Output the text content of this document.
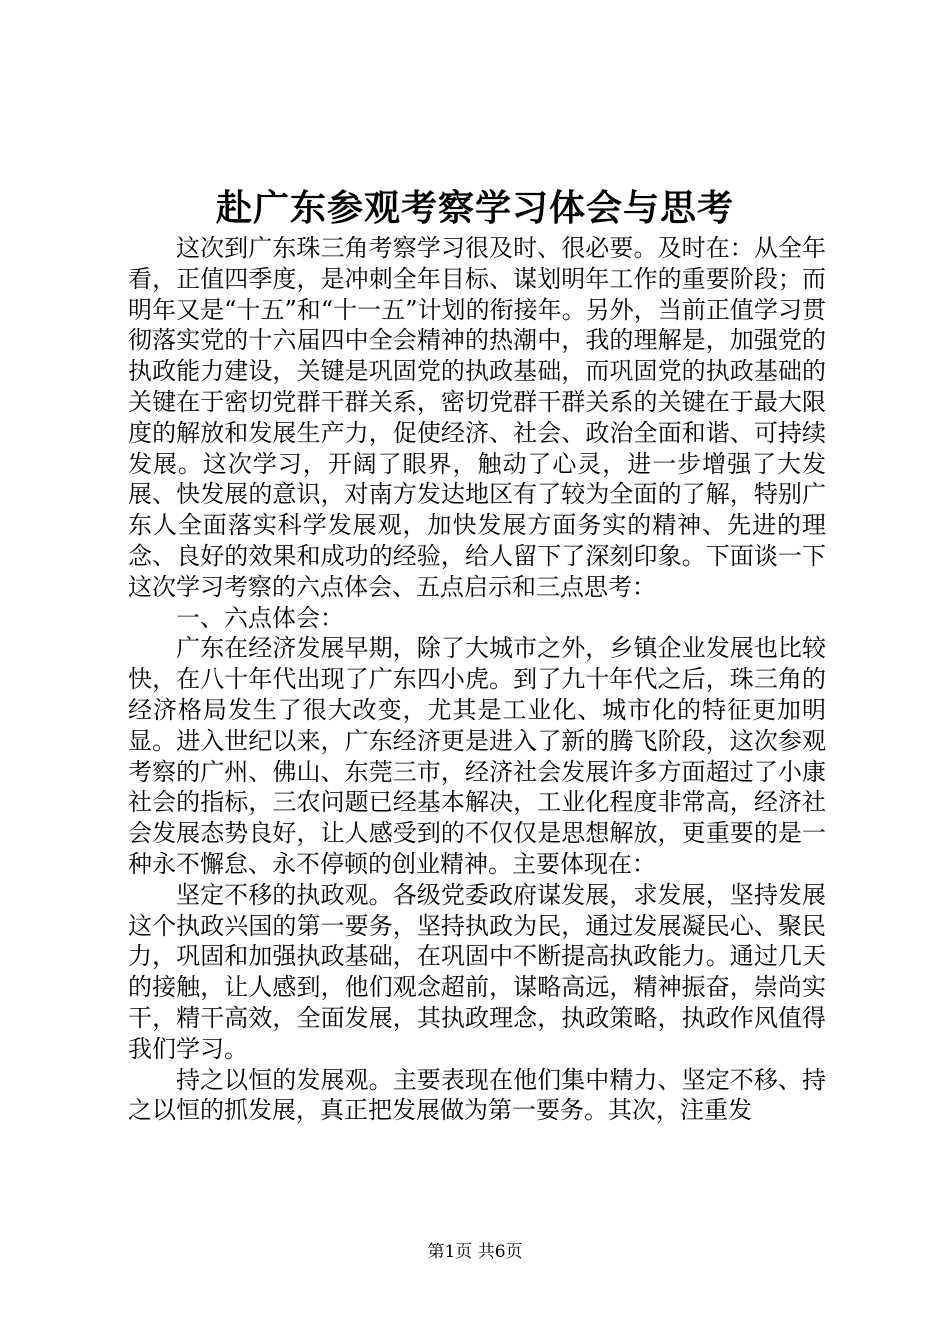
赴广东参观考察学习体会与思考

这次到广东珠三角考察学习很及时、很必要。及时在：从全年看，正值四季度，是冲刺全年目标、谋划明年工作的重要阶段；而明年又是“十五”和“十一五”计划的衔接年。另外，当前正值学习贯彻落实党的十六届四中全会精神的热潮中，我的理解是，加强党的执政能力建设，关键是巩固党的执政基础，而巩固党的执政基础的关键在于密切党群干群关系，密切党群干群关系的关键在于最大限度的解放和发展生产力，促使经济、社会、政治全面和谐、可持续发展。这次学习，开阔了眼界，触动了心灵，进一步增强了大发展、快发展的意识，对南方发达地区有了较为全面的了解，特别广东人全面落实科学发展观，加快发展方面务实的精神、先进的理念、良好的效果和成功的经验，给人留下了深刻印象。下面谈一下这次学习考察的六点体会、五点启示和三点思考：

一、六点体会：

广东在经济发展早期，除了大城市之外，乡镇企业发展也比较快，在八十年代出现了广东四小虎。到了九十年代之后，珠三角的经济格局发生了很大改变，尤其是工业化、城市化的特征更加明显。进入世纪以来，广东经济更是进入了新的腾飞阶段，这次参观考察的广州、佛山、东莞三市，经济社会发展许多方面超过了小康社会的指标，三农问题已经基本解决，工业化程度非常高，经济社会发展态势良好，让人感受到的不仅仅是思想解放，更重要的是一种永不懈怠、永不停顿的创业精神。主要体现在：

坚定不移的执政观。各级党委政府谋发展，求发展，坚持发展这个执政兴国的第一要务，坚持执政为民，通过发展凝民心、聚民力，巩固和加强执政基础，在巩固中不断提高执政能力。通过几天的接触，让人感到，他们观念超前，谋略高远，精神振奋，崇尚实干，精干高效，全面发展，其执政理念，执政策略，执政作风值得我们学习。

持之以恒的发展观。主要表现在他们集中精力、坚定不移、持之以恒的抓发展，真正把发展做为第一要务。其次，注重发

第1页 共6页
